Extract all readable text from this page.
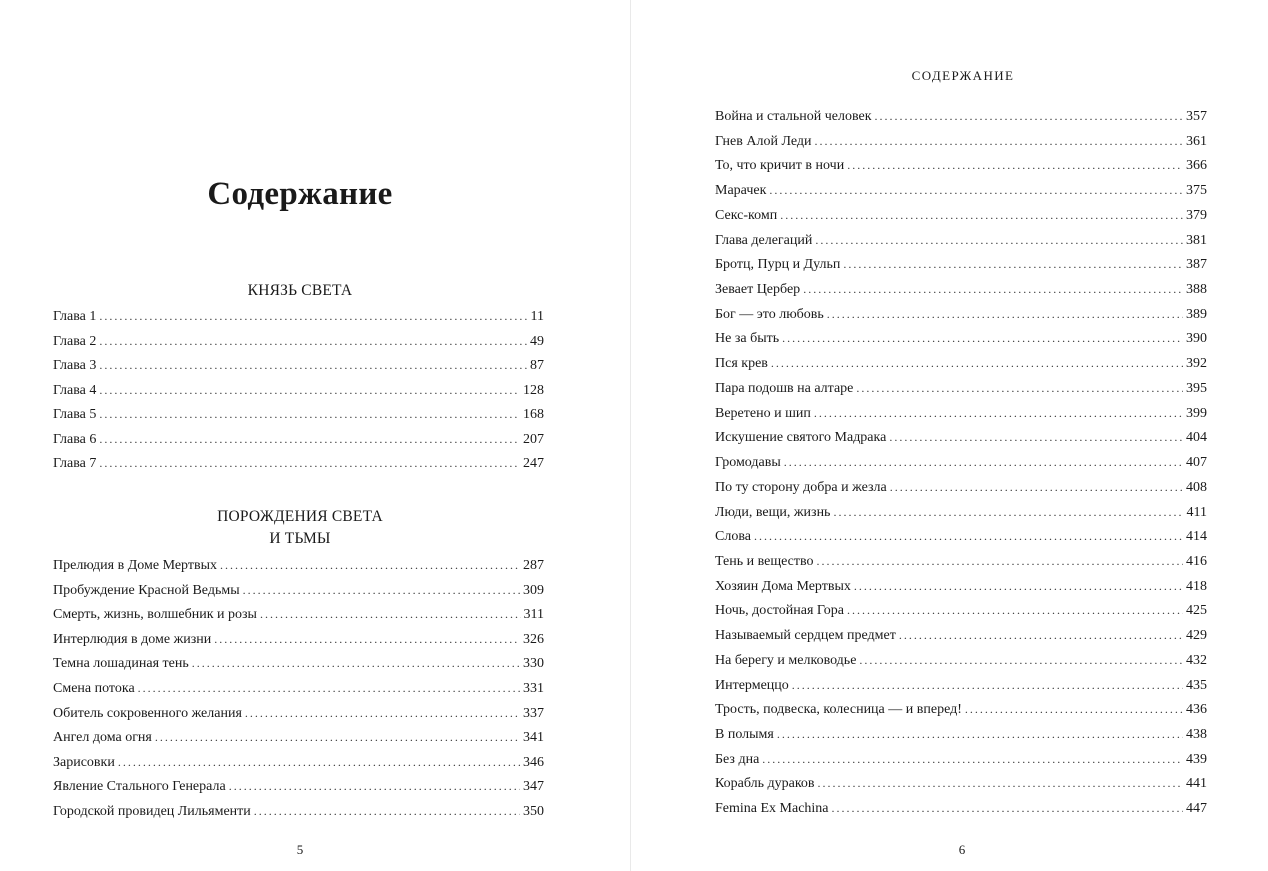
Содержание
КНЯЗЬ СВЕТА
Глава 1 . . .	11
Глава 2 . . .	49
Глава 3 . . .	87
Глава 4 . . .	128
Глава 5 . . .	168
Глава 6 . . .	207
Глава 7 . . .	247
ПОРОЖДЕНИЯ СВЕТА
И ТЬМЫ
Прелюдия в Доме Мертвых . . .	287
Пробуждение Красной Ведьмы . . .	309
Смерть, жизнь, волшебник и розы . . .	311
Интерлюдия в доме жизни . . .	326
Темна лошадиная тень . . .	330
Смена потока . . .	331
Обитель сокровенного желания . . .	337
Ангел дома огня . . .	341
Зарисовки . . .	346
Явление Стального Генерала . . .	347
Городской провидец Лильяменти . . .	350
5
СОДЕРЖАНИЕ
Война и стальной человек . . .	357
Гнев Алой Леди . . .	361
То, что кричит в ночи . . .	366
Марачек . . .	375
Секс-комп . . .	379
Глава делегаций . . .	381
Бротц, Пурц и Дульп . . .	387
Зевает Цербер . . .	388
Бог — это любовь . . .	389
Не за быть . . .	390
Пся крев . . .	392
Пара подошв на алтаре . . .	395
Веретено и шип . . .	399
Искушение святого Мадрака . . .	404
Громодавы . . .	407
По ту сторону добра и жезла . . .	408
Люди, вещи, жизнь . . .	411
Слова . . .	414
Тень и вещество . . .	416
Хозяин Дома Мертвых . . .	418
Ночь, достойная Гора . . .	425
Называемый сердцем предмет . . .	429
На берегу и мелководье . . .	432
Интермеццо . . .	435
Трость, подвеска, колесница — и вперед! . . .	436
В полымя . . .	438
Без дна . . .	439
Корабль дураков . . .	441
Femina Ex Machina . . .	447
6
